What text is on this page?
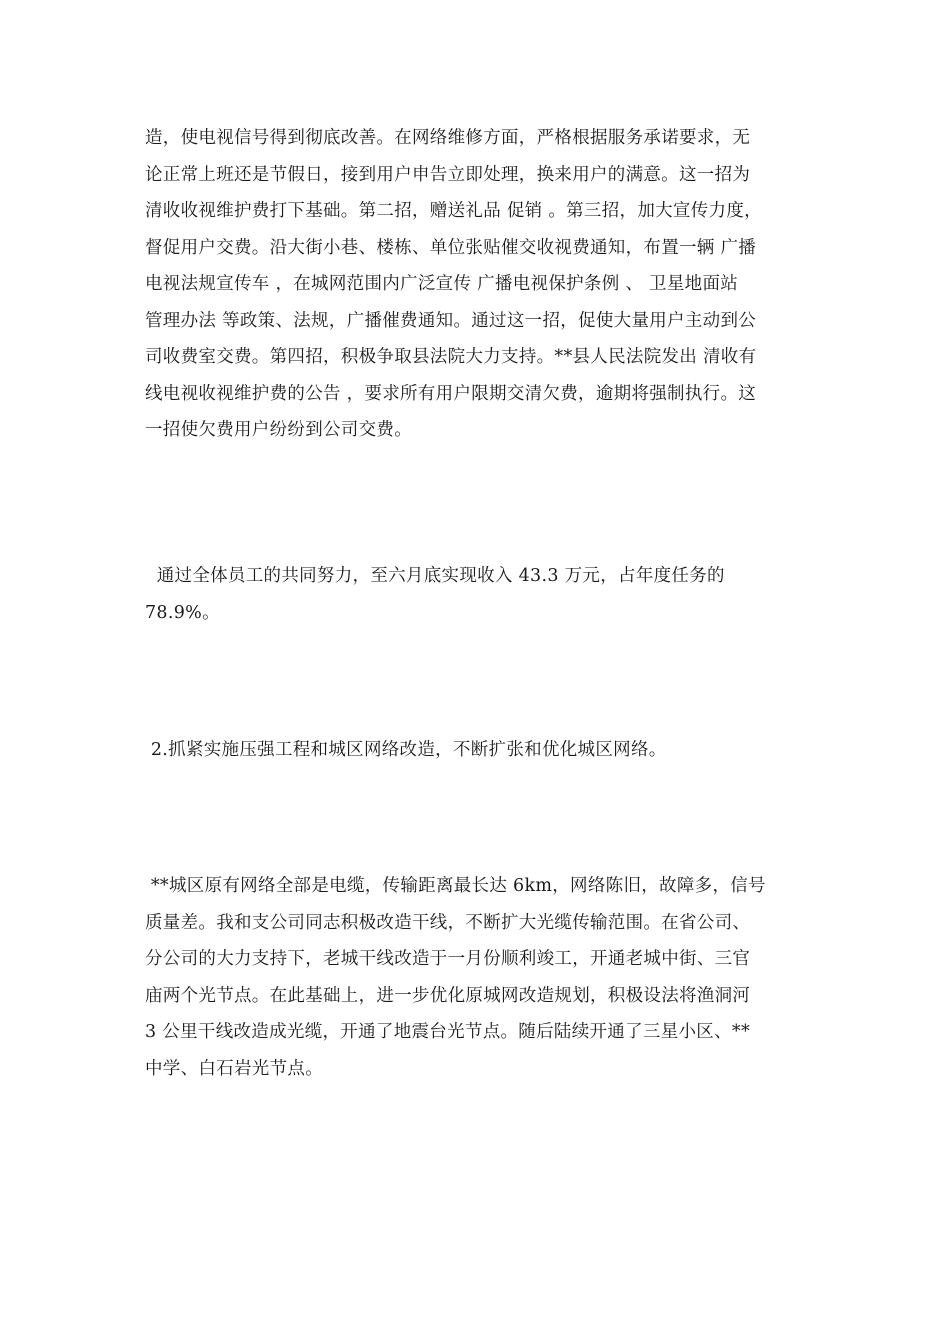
造，使电视信号得到彻底改善。在网络维修方面，严格根据服务承诺要求，无
论正常上班还是节假日，接到用户申告立即处理，换来用户的满意。这一招为
清收收视维护费打下基础。第二招，赠送礼品 促销 。第三招，加大宣传力度，
督促用户交费。沿大街小巷、楼栋、单位张贴催交收视费通知，布置一辆 广播
电视法规宣传车 ，在城网范围内广泛宣传 广播电视保护条例 、 卫星地面站
管理办法 等政策、法规，广播催费通知。通过这一招，促使大量用户主动到公
司收费室交费。第四招，积极争取县法院大力支持。**县人民法院发出 清收有
线电视收视维护费的公告 ，要求所有用户限期交清欠费，逾期将强制执行。这
一招使欠费用户纷纷到公司交费。
通过全体员工的共同努力，至六月底实现收入 43.3 万元，占年度任务的
78.9%。
2.抓紧实施压强工程和城区网络改造，不断扩张和优化城区网络。
**城区原有网络全部是电缆，传输距离最长达 6km，网络陈旧，故障多，信号
质量差。我和支公司同志积极改造干线，不断扩大光缆传输范围。在省公司、
分公司的大力支持下，老城干线改造于一月份顺利竣工，开通老城中街、三官
庙两个光节点。在此基础上，进一步优化原城网改造规划，积极设法将渔洞河
3 公里干线改造成光缆，开通了地震台光节点。随后陆续开通了三星小区、**
中学、白石岩光节点。
